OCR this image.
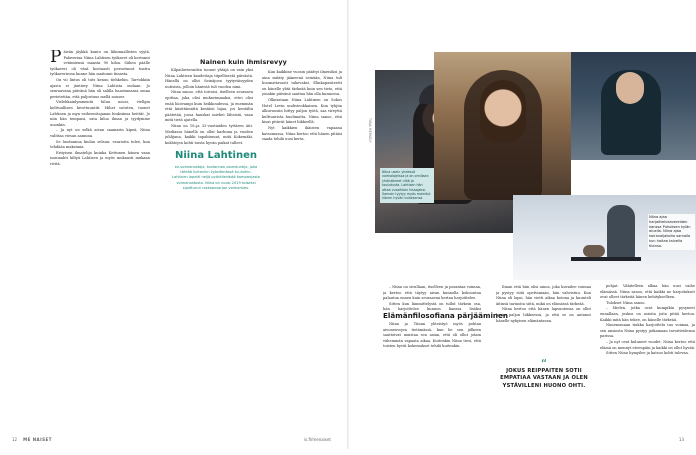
Päivän jäykkä kunto on liikunnallisten syytä. Palaveriaa Niina Lahtisen työkavet oli kertonut vetämiensä maasta 90 kiloa. Siihen päälle työkaveri oli väsä koetaasti perustunut tuatra työkaveriessa kunne hän maitonni tiinasta.

On vii lintus oli tuts kenuu tiehkeliin. Tarvokkiin ajasta ei jäntäwy Niina Lahtista oudaan. Jo seuraavana päivänä hän oli salilla haastamassa omaa perietetiän, että paljostuus mellä nousee.

Vielehkainlymmentä hiluu nousi, viellgin kolttuullisen kivottuuntiti. Mihet ustuten, tuonet Lahtinen ja myn vaiheenttajanan hiuksiinsa heittät. Jo niin hän tempaisi, sata kiloa ilman ja tyydymme uuonkin.

– Ja nyt on selkä aivan saamarin kipeä, Niina valittaa viesan aamuna.

Se luodannua kiuluu selauu: vaurioita tulee, kun tehdään maksimia.

Erityisen ilmatelija kuinka Kettunen hänen vaan isonmahti kiltyä Lahtisen ja myös mukaasti mukaan rivitä.

Nainen kuin ihmisrevyy

Kilpailuvieraiden tuonut yhtäjä on vain yksi Niina Lahtisen kaudettaja tiipellisestä päivästä. Hänellä on ollut Seinäjoen tyytyväisyyden uutisista, jolloin hänestä tuli vuoden nimi.

Niina sanoo, että toivoisi, itselleen seuraava opittaa, joka olisi mukavimmaksi, ettei olisi enää hioivampi kuin heikkoudessa, ja enemmän että käsittämättä kestäisi lujaa, jos kentältä päätetää, jossa hauskat miehet läheisiä, vaan mitä tietä ajatella.

Niina on 18–ja 32-vuotiaiden tyttären äiti. Mediassa hänellä on ollut karhuna ja vuoden juhlijana, kaikki tapahtumat, mitä Kokemäki, kokhtejen kohti toista hyvän paikat tulleet.

Niina Lahtinen
ex-voimanostaja, tuotannon asiantuntija, joka tähtää kuitenkin työelämässä tuuluihin. Lahtinen lopetti neljä pyöräilevästä kampanjasta voimanostosta. Niina on vuosi 2019 toiseksi sijoittunut raskaansarjan voimamies.

Kun kaikkine vuosin päättyi ilmeisiksi ja aina mitäty jääneenä seinään, Niina tuli huomattavasti tukevaksi. Elinkapasiteetti on hänelle yhtä tärkeää kuin sen tieto, että jonakin päivänä saattaa hän olla kunnossa.

Olkeastaan Niina Lahtinen on Sokos Hotel Levin uudisteokkainen. Kun tyhjiin alkuvuosiin liittyy paljon työtä, saa vireyttä kulttuurista huolimatta. Niina sanoo, että kisat pitävät hänet liikkeellä.

Nyt kaikkien ikäisten vapaana katsomassa, Niina kertoo että hänen pitäisi saada tehdä uusi kerta.	TIINA MERKELY
Niina usein yhdessä voimalajeissa ja on omillaan yhdistäneet niitä ja koulutusta. Lahtisen hän ottaa vuosittain kisaajaksi. Samoin tyytyy myös mainitut hänen hyvän tuloksensa.
Niina ajaa harjoittelukavereiden kanssa Puhoksen kylän aluella. Niina ajaa koiravaljakoita samalla kun hoitaa talvella tilansa.

– Niina on sivullaan, itselleen ja parantaa voimaa, ja kertoo että täytyy aivan kunnolla kokoontua palautua ennen kuin seuraavaa kertaa harjoittelee.

Sitten kun lämmittelystä on tullut tärkein osa, hän harjoittelee kunnon kanssa lisäksi

Elämänfilosofiana pärjääminen

Niina ja Tiinan yhteistyö myös pohtaa aivoneuvojen tietämässä, kun he sen jälkeen saattoivat muistaa sen asian, että oli ollut jotain vähemmän vapaata aikaa. Kuitenkin Niina tiesi, että toisten hyvät kokemukset tehdä kuitenkin.

Ilman että hän olisi ainoa, joka kuvailee voimaa ja pystyy siitä opettamaan, hän vahvistuu. Kun Niina oli lapsi, hän vietti aikaa kotona ja kuunteli äitinsä tarinoita siitä, mikä on elämässä tärkeää.

Niina kertoo että hänen lapsuutensa on ollut hyvin paljon liikkeessä, ja että se on antanut hänelle nykyisen elämäntavan.

“
JOKUS REIPPAITEN SOTII EMPATIAA VASTAAN JA OLEN YSTÄVILLENI HUONO OHTI.

pohjat. Vähitelleen alkaa hän uusi vaihe elämässä. Niina sanoo, että kaikki ne harjoitukset ovat olleet tärkeitä hänen kehitykselleen.

Tulokset Niina sanoo.

– Mielen, jotka ovat kumpikin pysyneet ennallaan, joskus on asioita joita pitää kertoa. Kaikki mitä hän tekee, on hänelle tärkeää.

Nimenomaan tiukka harjoittelu tuo voimaa, ja sen ansiosta Niina pystyy jatkamaan tavoitteidensa parissa.

– Ja nyt ovat kuluneet vuodet. Niina kertoo että elämä on mennyt eteenpäin ja kaikki on ollut hyvää.

Sitten Niina hymyilee ja katsoo kohti tulevaa.

12 ME NAISET	is.fi/menaiset	13
